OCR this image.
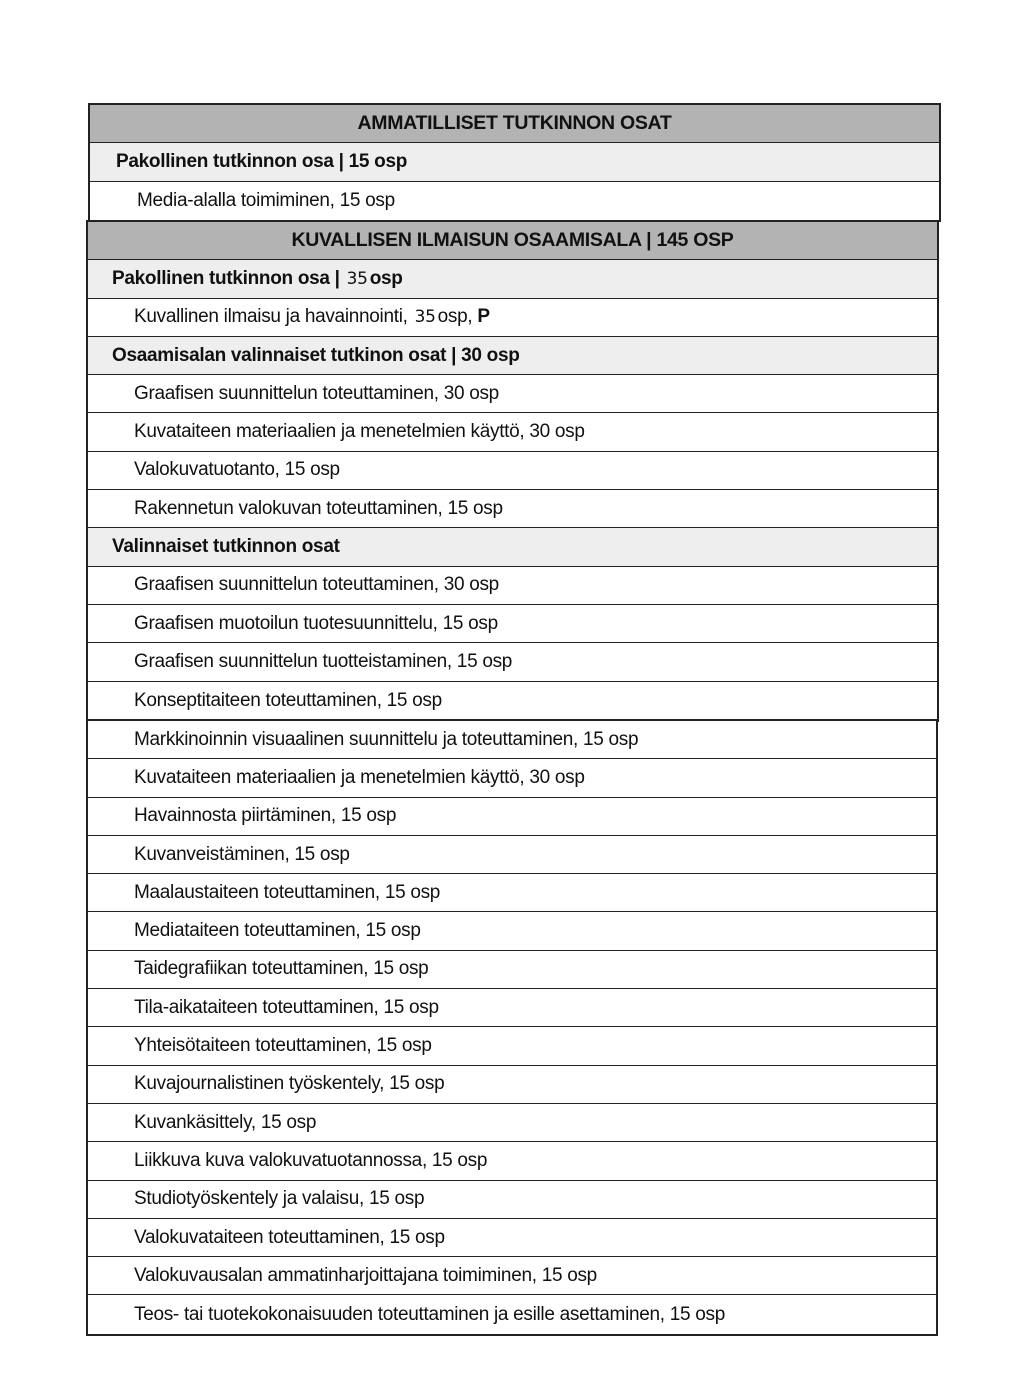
AMMATILLISET TUTKINNON OSAT
Pakollinen tutkinnon osa | 15 osp
Media-alalla toimiminen, 15 osp
KUVALLISEN ILMAISUN OSAAMISALA | 145 OSP
Pakollinen tutkinnon osa | 35 osp
Kuvallinen ilmaisu ja havainnointi, 35 osp, P
Osaamisalan valinnaiset tutkinon osat | 30 osp
Graafisen suunnittelun toteuttaminen, 30 osp
Kuvataiteen materiaalien ja menetelmien käyttö, 30 osp
Valokuvatuotanto, 15 osp
Rakennetun valokuvan toteuttaminen, 15 osp
Valinnaiset tutkinnon osat
Graafisen suunnittelun toteuttaminen, 30 osp
Graafisen muotoilun tuotesuunnittelu, 15 osp
Graafisen suunnittelun tuotteistaminen, 15 osp
Konseptitaiteen toteuttaminen, 15 osp
Markkinoinnin visuaalinen suunnittelu ja toteuttaminen, 15 osp
Kuvataiteen materiaalien ja menetelmien käyttö, 30 osp
Havainnosta piirtäminen, 15 osp
Kuvanveistäminen, 15 osp
Maalaustaiteen toteuttaminen, 15 osp
Mediataiteen toteuttaminen, 15 osp
Taidegrafiikan toteuttaminen, 15 osp
Tila-aikataiteen toteuttaminen, 15 osp
Yhteisötaiteen toteuttaminen, 15 osp
Kuvajournalistinen työskentely, 15 osp
Kuvankäsittely, 15 osp
Liikkuva kuva valokuvatuotannossa, 15 osp
Studiotyöskentely ja valaisu, 15 osp
Valokuvataiteen toteuttaminen, 15 osp
Valokuvausalan ammatinharjoittajana toimiminen, 15 osp
Teos- tai tuotekokonaisuuden toteuttaminen ja esille asettaminen, 15 osp
